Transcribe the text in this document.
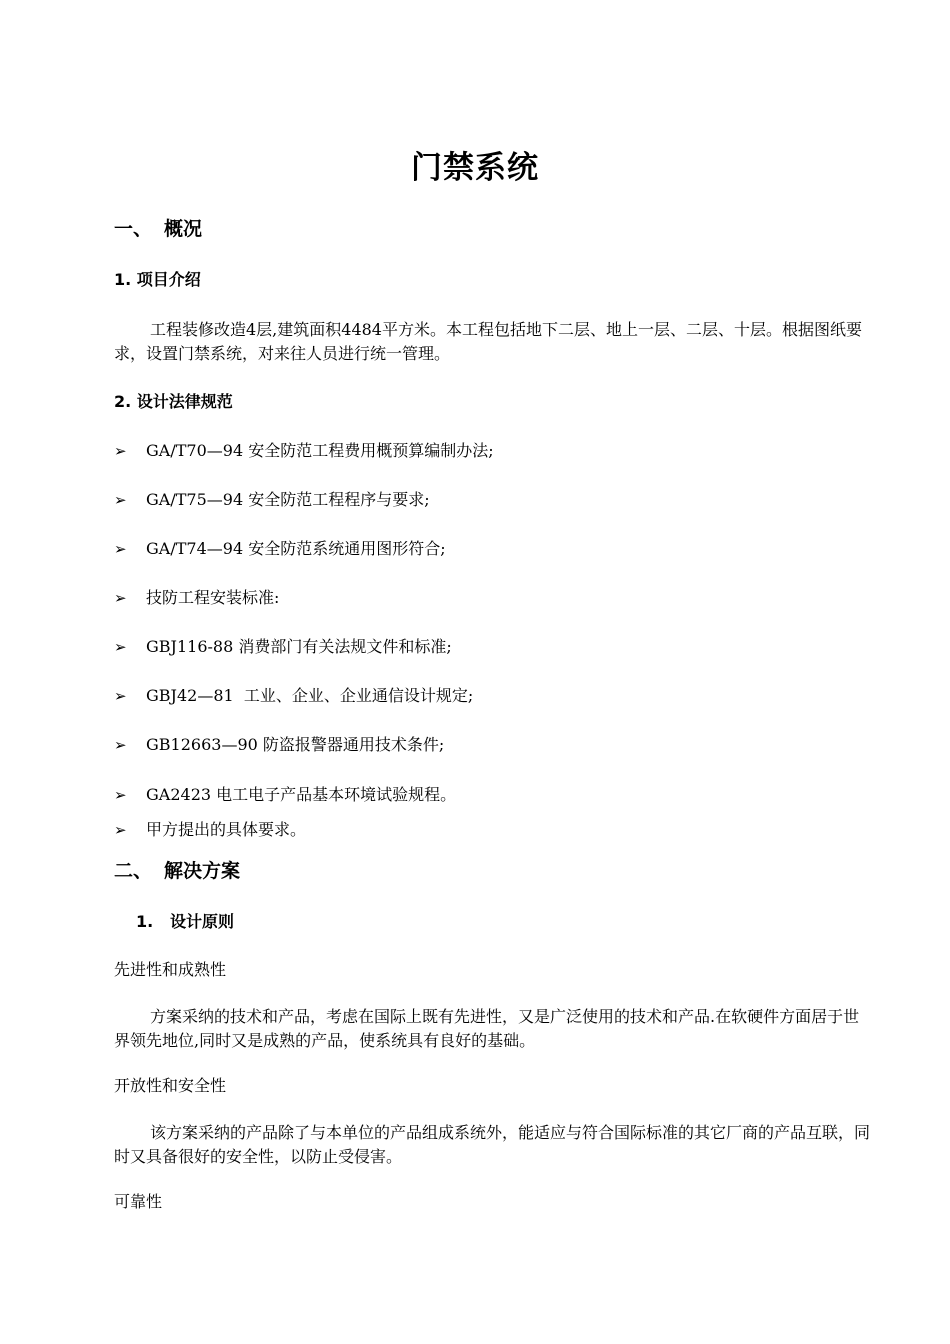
门禁系统
一、 概况
1. 项目介绍
工程装修改造4层,建筑面积4484平方米。本工程包括地下二层、地上一层、二层、十层。根据图纸要求，设置门禁系统，对来往人员进行统一管理。
2. 设计法律规范
➢ GA/T70—94 安全防范工程费用概预算编制办法;
➢ GA/T75—94 安全防范工程程序与要求;
➢ GA/T74—94 安全防范系统通用图形符合;
➢ 技防工程安装标准:
➢ GBJ116-88 消费部门有关法规文件和标准;
➢ GBJ42—81  工业、企业、企业通信设计规定;
➢ GB12663—90 防盗报警器通用技术条件;
➢ GA2423 电工电子产品基本环境试验规程。
➢ 甲方提出的具体要求。
二、 解决方案
1. 设计原则
先进性和成熟性
方案采纳的技术和产品，考虑在国际上既有先进性，又是广泛使用的技术和产品.在软硬件方面居于世界领先地位,同时又是成熟的产品，使系统具有良好的基础。
开放性和安全性
该方案采纳的产品除了与本单位的产品组成系统外，能适应与符合国际标准的其它厂商的产品互联，同时又具备很好的安全性，以防止受侵害。
可靠性
